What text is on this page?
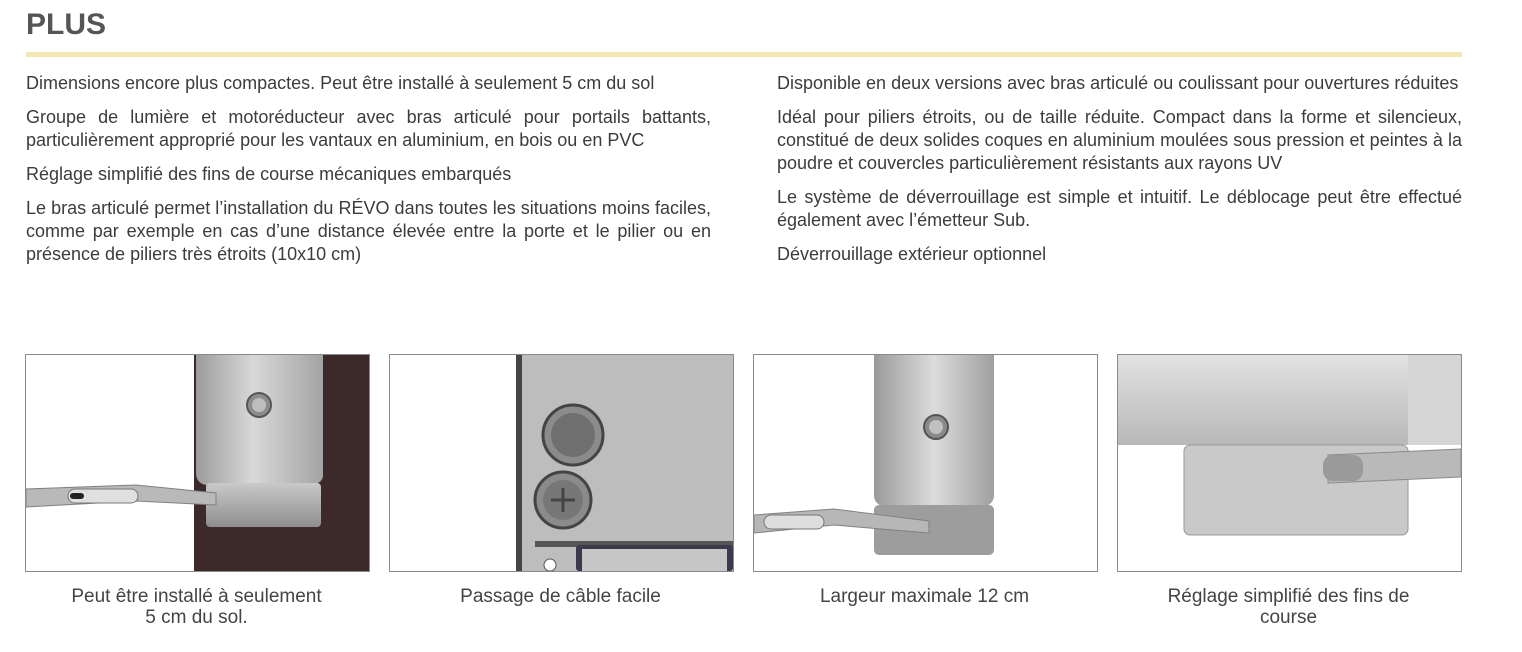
PLUS

Dimensions encore plus compactes. Peut être installé à seulement 5 cm du sol

Groupe de lumière et motoréducteur avec bras articulé pour portails battants, particulièrement approprié pour les vantaux en aluminium, en bois ou en PVC

Réglage simplifié des fins de course mécaniques embarqués

Le bras articulé permet l’installation du RÉVO dans toutes les situations moins faciles, comme par exemple en cas d’une distance élevée entre la porte et le pilier ou en présence de piliers très étroits (10x10 cm)

Disponible en deux versions avec bras articulé ou coulissant pour ouvertures réduites

Idéal pour piliers étroits, ou de taille réduite. Compact dans la forme et silencieux, constitué de deux solides coques en aluminium moulées sous pression et peintes à la poudre et couvercles particulièrement résistants aux rayons UV

Le système de déverrouillage est simple et intuitif. Le déblocage peut être effectué également avec l’émetteur Sub.

Déverrouillage extérieur optionnel

Peut être installé à seulement
5 cm du sol.
Passage de câble facile	Largeur maximale 12 cm	Réglage simplifié des fins de
course
